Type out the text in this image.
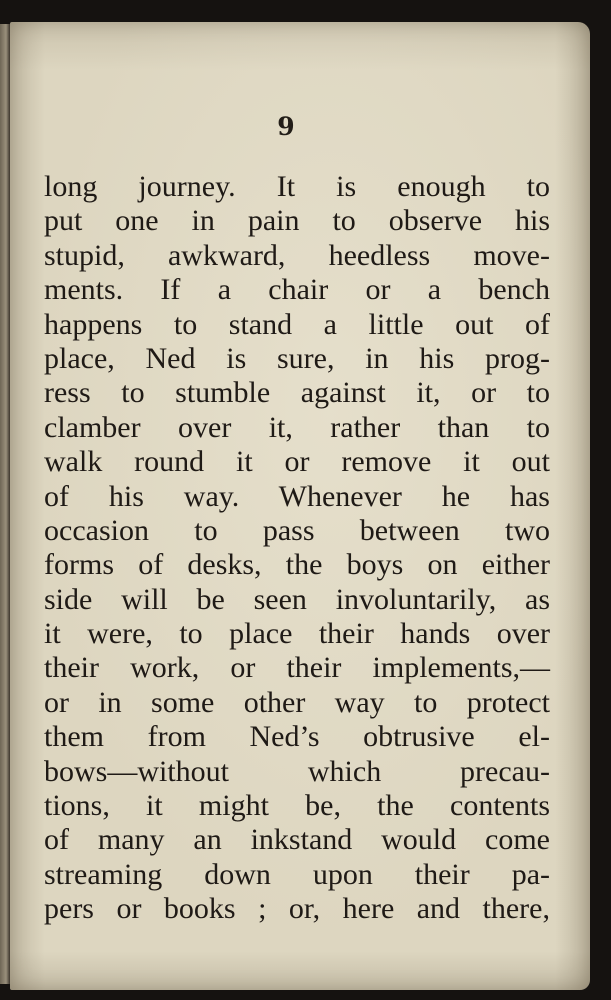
9
long journey. It is enough to
put one in pain to observe his
stupid, awkward, heedless move-
ments. If a chair or a bench
happens to stand a little out of
place, Ned is sure, in his prog-
ress to stumble against it, or to
clamber over it, rather than to
walk round it or remove it out
of his way. Whenever he has
occasion to pass between two
forms of desks, the boys on either
side will be seen involuntarily, as
it were, to place their hands over
their work, or their implements,—
or in some other way to protect
them from Ned’s obtrusive el-
bows—without which precau-
tions, it might be, the contents
of many an inkstand would come
streaming down upon their pa-
pers or books ; or, here and there,
